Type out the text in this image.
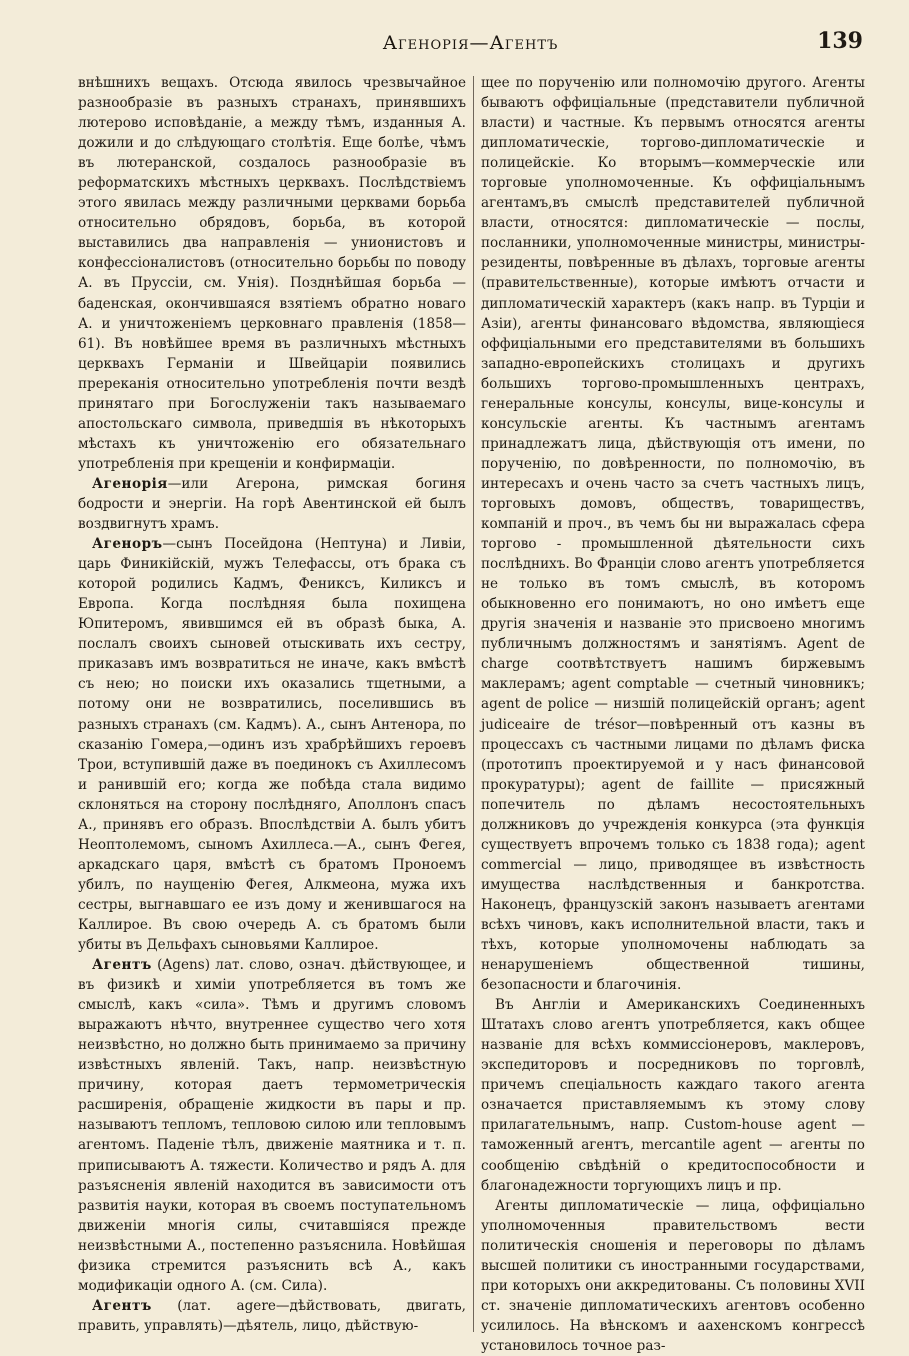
Агенорія—Агентъ	139

внѣшнихъ вещахъ. Отсюда явилось чрезвычайное разнообразіе въ разныхъ странахъ, принявшихъ лютерово исповѣданіе, а между тѣмъ, изданныя А. дожили и до слѣдующаго столѣтія. Еще болѣе, чѣмъ въ лютеранской, создалось разнообразіе въ реформатскихъ мѣстныхъ церквахъ. Послѣдствіемъ этого явилась между различными церквами борьба относительно обрядовъ, борьба, въ которой выставились два направленія — унионистовъ и конфессіоналистовъ (относительно борьбы по поводу А. въ Пруссіи, см. Унія). Позднѣйшая борьба — баденская, окончившаяся взятіемъ обратно новаго А. и уничтоженіемъ церковнаго правленія (1858—61). Въ новѣйшее время въ различныхъ мѣстныхъ церквахъ Германіи и Швейцаріи появились пререканія относительно употребленія почти вездѣ принятаго при Богослуженіи такъ называемаго апостольскаго символа, приведшія въ нѣкоторыхъ мѣстахъ къ уничтоженію его обязательнаго употребленія при крещеніи и конфирмаціи.

Агенорія—или Агерона, римская богиня бодрости и энергіи. На горѣ Авентинской ей былъ воздвигнутъ храмъ.

Агеноръ—сынъ Посейдона (Нептуна) и Ливіи, царь Финикійскій, мужъ Телефассы, отъ брака съ которой родились Кадмъ, Фениксъ, Киликсъ и Европа. Когда послѣдняя была похищена Юпитеромъ, явившимся ей въ образѣ быка, А. послалъ своихъ сыновей отыскивать ихъ сестру, приказавъ имъ возвратиться не иначе, какъ вмѣстѣ съ нею; но поиски ихъ оказались тщетными, а потому они не возвратились, поселившись въ разныхъ странахъ (см. Кадмъ). А., сынъ Антенора, по сказанію Гомера,—одинъ изъ храбрѣйшихъ героевъ Трои, вступившій даже въ поединокъ съ Ахиллесомъ и ранившій его; когда же побѣда стала видимо склоняться на сторону послѣдняго, Аполлонъ спасъ А., принявъ его образъ. Впослѣдствіи А. былъ убитъ Неоптолемомъ, сыномъ Ахиллеса.—А., сынъ Фегея, аркадскаго царя, вмѣстѣ съ братомъ Проноемъ убилъ, по наущенію Фегея, Алкмеона, мужа ихъ сестры, выгнавшаго ее изъ дому и женившагося на Каллирое. Въ свою очередь А. съ братомъ были убиты въ Дельфахъ сыновьями Каллирое.

Агентъ (Agens) лат. слово, означ. дѣйствующее, и въ физикѣ и химіи употребляется въ томъ же смыслѣ, какъ «сила». Тѣмъ и другимъ словомъ выражаютъ нѣчто, внутреннее существо чего хотя неизвѣстно, но должно быть принимаемо за причину извѣстныхъ явленій. Такъ, напр. неизвѣстную причину, которая даетъ термометрическія расширенія, обращеніе жидкости въ пары и пр. называютъ тепломъ, тепловою силою или тепловымъ агентомъ. Паденіе тѣлъ, движеніе маятника и т. п. приписываютъ А. тяжести. Количество и рядъ А. для разъясненія явленій находится въ зависимости отъ развитія науки, которая въ своемъ поступательномъ движеніи многія силы, считавшіяся прежде неизвѣстными А., постепенно разъяснила. Новѣйшая физика стремится разъяснить всѣ А., какъ модификаціи одного А. (см. Сила).

Агентъ (лат. agere—дѣйствовать, двигать, править, управлять)—дѣятель, лицо, дѣйствую-

щее по порученію или полномочію другого. Агенты бываютъ оффиціальные (представители публичной власти) и частные. Къ первымъ относятся агенты дипломатическіе, торгово-дипломатическіе и полицейскіе. Ко вторымъ—коммерческіе или торговые уполномоченные. Къ оффиціальнымъ агентамъ,въ смыслѣ представителей публичной власти, относятся: дипломатическіе — послы, посланники, уполномоченные министры, министры-резиденты, повѣренные въ дѣлахъ, торговые агенты (правительственные), которые имѣютъ отчасти и дипломатическій характеръ (какъ напр. въ Турціи и Азіи), агенты финансоваго вѣдомства, являющіеся оффиціальными его представителями въ большихъ западно-европейскихъ столицахъ и другихъ большихъ торгово-промышленныхъ центрахъ, генеральные консулы, консулы, вице-консулы и консульскіе агенты. Къ частнымъ агентамъ принадлежатъ лица, дѣйствующія отъ имени, по порученію, по довѣренности, по полномочію, въ интересахъ и очень часто за счетъ частныхъ лицъ, торговыхъ домовъ, обществъ, товариществъ, компаній и проч., въ чемъ бы ни выражалась сфера торгово - промышленной дѣятельности сихъ послѣднихъ. Во Франціи слово агентъ употребляется не только въ томъ смыслѣ, въ которомъ обыкновенно его понимаютъ, но оно имѣетъ еще другія значенія и названіе это присвоено многимъ публичнымъ должностямъ и занятіямъ. Agent de charge соотвѣтствуетъ нашимъ биржевымъ маклерамъ; agent comptable — счетный чиновникъ; agent de police — низшій полицейскій органъ; agent judiceaire de trésor—повѣренный отъ казны въ процессахъ съ частными лицами по дѣламъ фиска (прототипъ проектируемой и у насъ финансовой прокуратуры); agent de faillite — присяжный попечитель по дѣламъ несостоятельныхъ должниковъ до учрежденія конкурса (эта функція существуетъ впрочемъ только съ 1838 года); agent commercial — лицо, приводящее въ извѣстность имущества наслѣдственныя и банкротства. Наконецъ, французскій законъ называетъ агентами всѣхъ чиновъ, какъ исполнительной власти, такъ и тѣхъ, которые уполномочены наблюдать за ненарушеніемъ общественной тишины, безопасности и благочинія.

Въ Англіи и Американскихъ Соединенныхъ Штатахъ слово агентъ употребляется, какъ общее названіе для всѣхъ коммиссіонеровъ, маклеровъ, экспедиторовъ и посредниковъ по торговлѣ, причемъ спеціальность каждаго такого агента означается приставляемымъ къ этому слову прилагательнымъ, напр. Custom-house agent — таможенный агентъ, mercantile agent — агенты по сообщенію свѣдѣній о кредитоспособности и благонадежности торгующихъ лицъ и пр.

Агенты дипломатическіе — лица, оффиціально уполномоченныя правительствомъ вести политическія сношенія и переговоры по дѣламъ высшей политики съ иностранными государствами, при которыхъ они аккредитованы. Съ половины XVII ст. значеніе дипломатическихъ агентовъ особенно усилилось. На вѣнскомъ и аахенскомъ конгрессѣ установилось точное раз-
